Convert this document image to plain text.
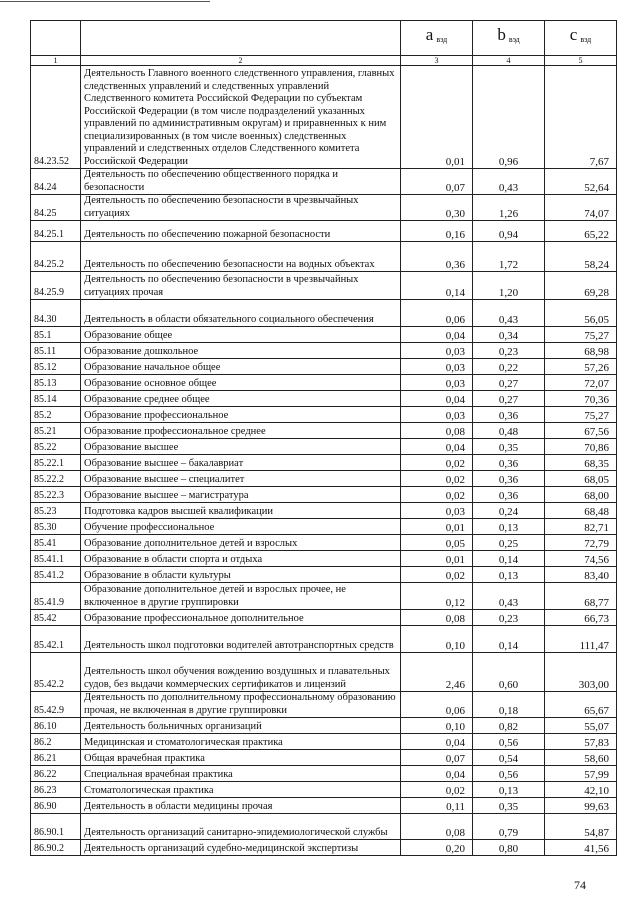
		a $_{вэд}$	b $_{вэд}$	c $_{вэд}$
1	2	3	4	5
84.23.52	Деятельность Главного военного следственного управления, главных следственных управлений и следственных управлений Следственного комитета Российской Федерации по субъектам Российской Федерации (в том числе подразделений указанных управлений по административным округам) и приравненных к ним специализированных (в том числе военных) следственных управлений и следственных отделов Следственного комитета Российской Федерации	0,01	0,96	7,67
84.24	Деятельность по обеспечению общественного порядка и безопасности	0,07	0,43	52,64
84.25	Деятельность по обеспечению безопасности в чрезвычайных ситуациях	0,30	1,26	74,07
84.25.1	Деятельность по обеспечению пожарной безопасности	0,16	0,94	65,22
84.25.2	Деятельность по обеспечению безопасности на водных объектах	0,36	1,72	58,24
84.25.9	Деятельность по обеспечению безопасности в чрезвычайных ситуациях прочая	0,14	1,20	69,28
84.30	Деятельность в области обязательного социального обеспечения	0,06	0,43	56,05
85.1	Образование общее	0,04	0,34	75,27
85.11	Образование дошкольное	0,03	0,23	68,98
85.12	Образование начальное общее	0,03	0,22	57,26
85.13	Образование основное общее	0,03	0,27	72,07
85.14	Образование среднее общее	0,04	0,27	70,36
85.2	Образование профессиональное	0,03	0,36	75,27
85.21	Образование профессиональное среднее	0,08	0,48	67,56
85.22	Образование высшее	0,04	0,35	70,86
85.22.1	Образование высшее – бакалавриат	0,02	0,36	68,35
85.22.2	Образование высшее – специалитет	0,02	0,36	68,05
85.22.3	Образование высшее – магистратура	0,02	0,36	68,00
85.23	Подготовка кадров высшей квалификации	0,03	0,24	68,48
85.30	Обучение профессиональное	0,01	0,13	82,71
85.41	Образование дополнительное детей и взрослых	0,05	0,25	72,79
85.41.1	Образование в области спорта и отдыха	0,01	0,14	74,56
85.41.2	Образование в области культуры	0,02	0,13	83,40
85.41.9	Образование дополнительное детей и взрослых прочее, не включенное в другие группировки	0,12	0,43	68,77
85.42	Образование профессиональное дополнительное	0,08	0,23	66,73
85.42.1	Деятельность школ подготовки водителей автотранспортных средств	0,10	0,14	111,47
85.42.2	Деятельность школ обучения вождению воздушных и плавательных судов, без выдачи коммерческих сертификатов и лицензий	2,46	0,60	303,00
85.42.9	Деятельность по дополнительному профессиональному образованию прочая, не включенная в другие группировки	0,06	0,18	65,67
86.10	Деятельность больничных организаций	0,10	0,82	55,07
86.2	Медицинская и стоматологическая практика	0,04	0,56	57,83
86.21	Общая врачебная практика	0,07	0,54	58,60
86.22	Специальная врачебная практика	0,04	0,56	57,99
86.23	Стоматологическая практика	0,02	0,13	42,10
86.90	Деятельность в области медицины прочая	0,11	0,35	99,63
86.90.1	Деятельность организаций санитарно-эпидемиологической службы	0,08	0,79	54,87
86.90.2	Деятельность организаций судебно-медицинской экспертизы	0,20	0,80	41,56
74
